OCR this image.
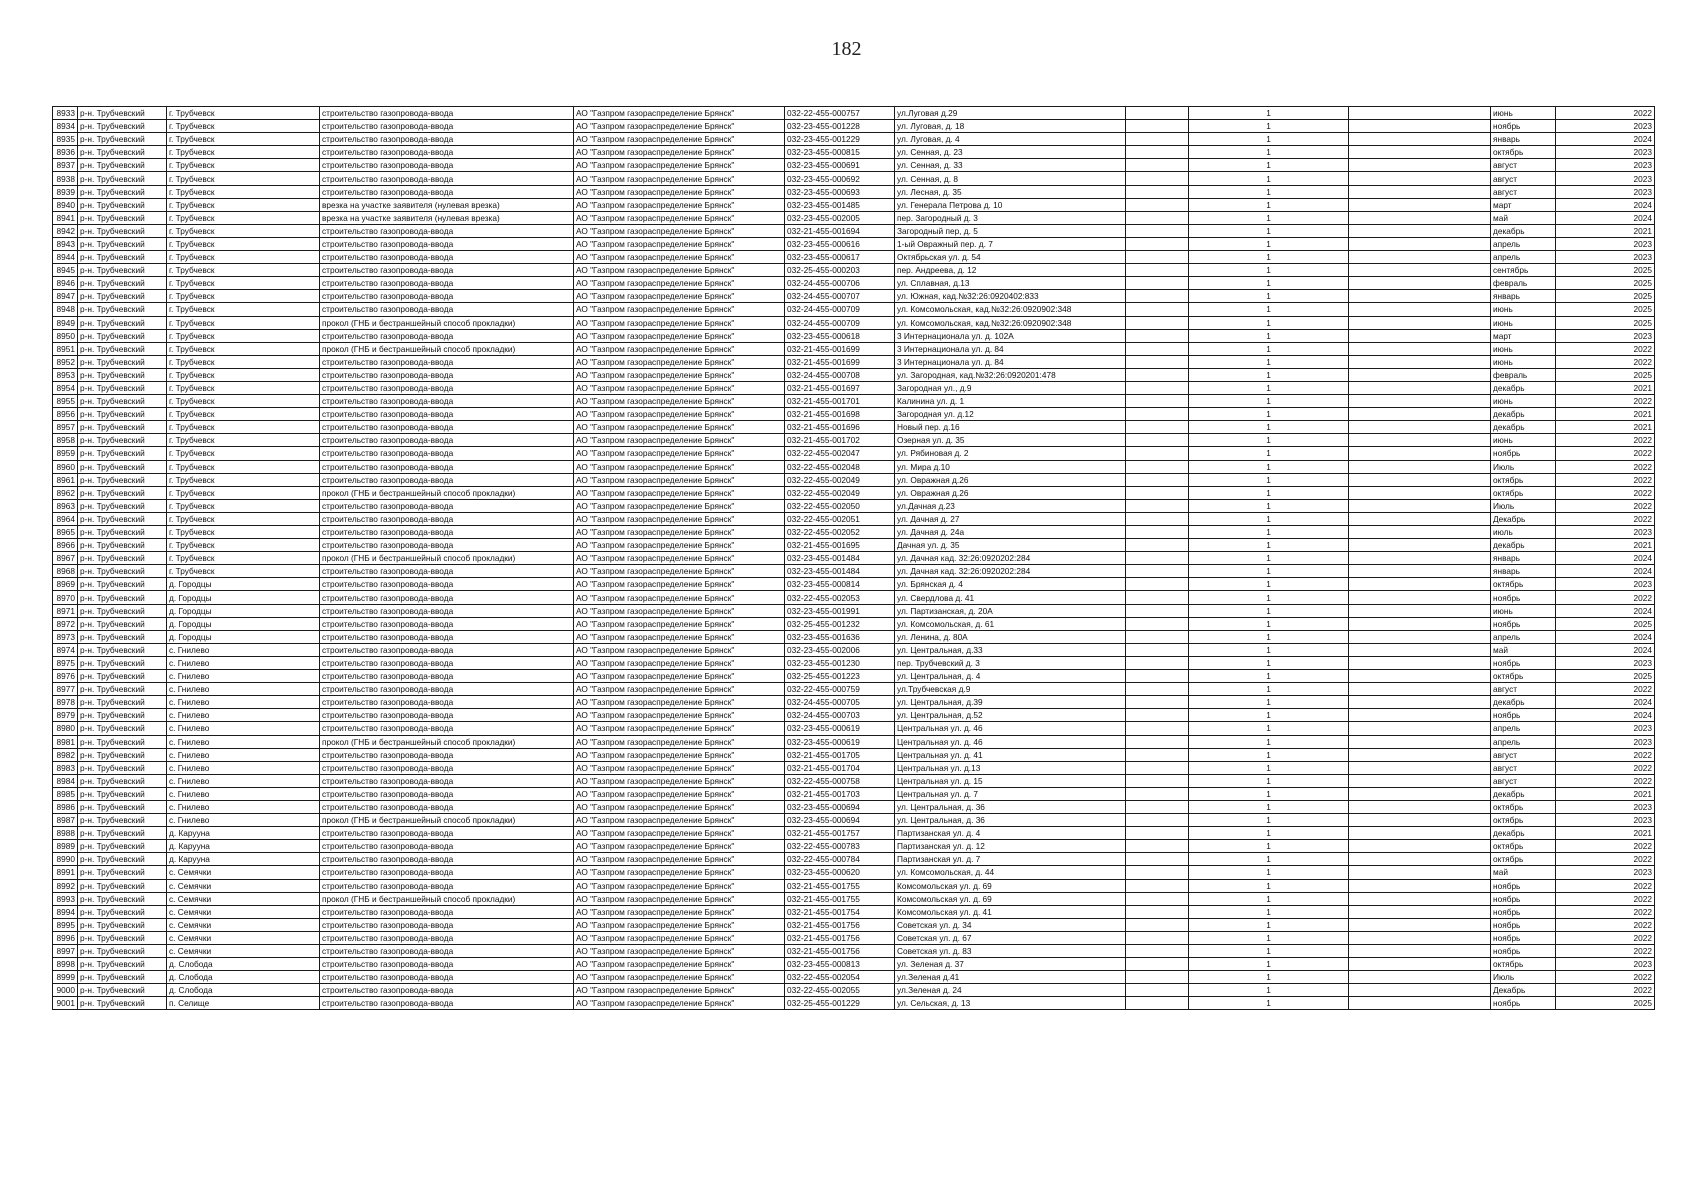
182
8933	р-н. Трубчевский	г. Трубчевск	строительство газопровода-ввода	АО "Газпром газораспределение Брянск"	032-22-455-000757	ул.Луговая д.29		1		июнь	2022
8934	р-н. Трубчевский	г. Трубчевск	строительство газопровода-ввода	АО "Газпром газораспределение Брянск"	032-23-455-001228	ул. Луговая, д. 18		1		ноябрь	2023
8935	р-н. Трубчевский	г. Трубчевск	строительство газопровода-ввода	АО "Газпром газораспределение Брянск"	032-23-455-001229	ул. Луговая, д. 4		1		январь	2024
8936	р-н. Трубчевский	г. Трубчевск	строительство газопровода-ввода	АО "Газпром газораспределение Брянск"	032-23-455-000815	ул. Сенная, д. 23		1		октябрь	2023
8937	р-н. Трубчевский	г. Трубчевск	строительство газопровода-ввода	АО "Газпром газораспределение Брянск"	032-23-455-000691	ул. Сенная, д. 33		1		август	2023
8938	р-н. Трубчевский	г. Трубчевск	строительство газопровода-ввода	АО "Газпром газораспределение Брянск"	032-23-455-000692	ул. Сенная, д. 8		1		август	2023
8939	р-н. Трубчевский	г. Трубчевск	строительство газопровода-ввода	АО "Газпром газораспределение Брянск"	032-23-455-000693	ул. Лесная, д. 35		1		август	2023
8940	р-н. Трубчевский	г. Трубчевск	врезка на участке заявителя (нулевая врезка)	АО "Газпром газораспределение Брянск"	032-23-455-001485	ул. Генерала Петрова д. 10		1		март	2024
8941	р-н. Трубчевский	г. Трубчевск	врезка на участке заявителя (нулевая врезка)	АО "Газпром газораспределение Брянск"	032-23-455-002005	пер. Загородный д. 3		1		май	2024
8942	р-н. Трубчевский	г. Трубчевск	строительство газопровода-ввода	АО "Газпром газораспределение Брянск"	032-21-455-001694	Загородный пер, д. 5		1		декабрь	2021
8943	р-н. Трубчевский	г. Трубчевск	строительство газопровода-ввода	АО "Газпром газораспределение Брянск"	032-23-455-000616	1-ый Овражный пер. д. 7		1		апрель	2023
8944	р-н. Трубчевский	г. Трубчевск	строительство газопровода-ввода	АО "Газпром газораспределение Брянск"	032-23-455-000617	Октябрьская ул. д. 54		1		апрель	2023
8945	р-н. Трубчевский	г. Трубчевск	строительство газопровода-ввода	АО "Газпром газораспределение Брянск"	032-25-455-000203	пер. Андреева, д. 12		1		сентябрь	2025
8946	р-н. Трубчевский	г. Трубчевск	строительство газопровода-ввода	АО "Газпром газораспределение Брянск"	032-24-455-000706	ул. Сплавная, д.13		1		февраль	2025
8947	р-н. Трубчевский	г. Трубчевск	строительство газопровода-ввода	АО "Газпром газораспределение Брянск"	032-24-455-000707	ул. Южная, кад.№32:26:0920402:833		1		январь	2025
8948	р-н. Трубчевский	г. Трубчевск	строительство газопровода-ввода	АО "Газпром газораспределение Брянск"	032-24-455-000709	ул. Комсомольская, кад.№32:26:0920902:348		1		июнь	2025
8949	р-н. Трубчевский	г. Трубчевск	прокол (ГНБ и бестраншейный способ прокладки)	АО "Газпром газораспределение Брянск"	032-24-455-000709	ул. Комсомольская, кад.№32:26:0920902:348		1		июнь	2025
8950	р-н. Трубчевский	г. Трубчевск	строительство газопровода-ввода	АО "Газпром газораспределение Брянск"	032-23-455-000618	3 Интернационала ул. д. 102А		1		март	2023
8951	р-н. Трубчевский	г. Трубчевск	прокол (ГНБ и бестраншейный способ прокладки)	АО "Газпром газораспределение Брянск"	032-21-455-001699	3 Интернационала ул. д. 84		1		июнь	2022
8952	р-н. Трубчевский	г. Трубчевск	строительство газопровода-ввода	АО "Газпром газораспределение Брянск"	032-21-455-001699	3 Интернационала ул. д. 84		1		июнь	2022
8953	р-н. Трубчевский	г. Трубчевск	строительство газопровода-ввода	АО "Газпром газораспределение Брянск"	032-24-455-000708	ул. Загородная, кад.№32:26:0920201:478		1		февраль	2025
8954	р-н. Трубчевский	г. Трубчевск	строительство газопровода-ввода	АО "Газпром газораспределение Брянск"	032-21-455-001697	Загородная ул., д.9		1		декабрь	2021
8955	р-н. Трубчевский	г. Трубчевск	строительство газопровода-ввода	АО "Газпром газораспределение Брянск"	032-21-455-001701	Калинина ул. д. 1		1		июнь	2022
8956	р-н. Трубчевский	г. Трубчевск	строительство газопровода-ввода	АО "Газпром газораспределение Брянск"	032-21-455-001698	Загородная ул. д.12		1		декабрь	2021
8957	р-н. Трубчевский	г. Трубчевск	строительство газопровода-ввода	АО "Газпром газораспределение Брянск"	032-21-455-001696	Новый пер. д.16		1		декабрь	2021
8958	р-н. Трубчевский	г. Трубчевск	строительство газопровода-ввода	АО "Газпром газораспределение Брянск"	032-21-455-001702	Озерная ул. д. 35		1		июнь	2022
8959	р-н. Трубчевский	г. Трубчевск	строительство газопровода-ввода	АО "Газпром газораспределение Брянск"	032-22-455-002047	ул. Рябиновая д. 2		1		ноябрь	2022
8960	р-н. Трубчевский	г. Трубчевск	строительство газопровода-ввода	АО "Газпром газораспределение Брянск"	032-22-455-002048	ул. Мира д.10		1		Июль	2022
8961	р-н. Трубчевский	г. Трубчевск	строительство газопровода-ввода	АО "Газпром газораспределение Брянск"	032-22-455-002049	ул. Овражная д.26		1		октябрь	2022
8962	р-н. Трубчевский	г. Трубчевск	прокол (ГНБ и бестраншейный способ прокладки)	АО "Газпром газораспределение Брянск"	032-22-455-002049	ул. Овражная д.26		1		октябрь	2022
8963	р-н. Трубчевский	г. Трубчевск	строительство газопровода-ввода	АО "Газпром газораспределение Брянск"	032-22-455-002050	ул.Дачная д.23		1		Июль	2022
8964	р-н. Трубчевский	г. Трубчевск	строительство газопровода-ввода	АО "Газпром газораспределение Брянск"	032-22-455-002051	ул. Дачная д. 27		1		Декабрь	2022
8965	р-н. Трубчевский	г. Трубчевск	строительство газопровода-ввода	АО "Газпром газораспределение Брянск"	032-22-455-002052	ул. Дачная д. 24а		1		июль	2023
8966	р-н. Трубчевский	г. Трубчевск	строительство газопровода-ввода	АО "Газпром газораспределение Брянск"	032-21-455-001695	Дачная ул. д. 35		1		декабрь	2021
8967	р-н. Трубчевский	г. Трубчевск	прокол (ГНБ и бестраншейный способ прокладки)	АО "Газпром газораспределение Брянск"	032-23-455-001484	ул. Дачная кад. 32:26:0920202:284		1		январь	2024
8968	р-н. Трубчевский	г. Трубчевск	строительство газопровода-ввода	АО "Газпром газораспределение Брянск"	032-23-455-001484	ул. Дачная кад. 32:26:0920202:284		1		январь	2024
8969	р-н. Трубчевский	д. Городцы	строительство газопровода-ввода	АО "Газпром газораспределение Брянск"	032-23-455-000814	ул. Брянская д. 4		1		октябрь	2023
8970	р-н. Трубчевский	д. Городцы	строительство газопровода-ввода	АО "Газпром газораспределение Брянск"	032-22-455-002053	ул. Свердлова д. 41		1		ноябрь	2022
8971	р-н. Трубчевский	д. Городцы	строительство газопровода-ввода	АО "Газпром газораспределение Брянск"	032-23-455-001991	ул. Партизанская, д. 20А		1		июнь	2024
8972	р-н. Трубчевский	д. Городцы	строительство газопровода-ввода	АО "Газпром газораспределение Брянск"	032-25-455-001232	ул. Комсомольская, д. 61		1		ноябрь	2025
8973	р-н. Трубчевский	д. Городцы	строительство газопровода-ввода	АО "Газпром газораспределение Брянск"	032-23-455-001636	ул. Ленина, д. 80А		1		апрель	2024
8974	р-н. Трубчевский	с. Гнилево	строительство газопровода-ввода	АО "Газпром газораспределение Брянск"	032-23-455-002006	ул. Центральная, д.33		1		май	2024
8975	р-н. Трубчевский	с. Гнилево	строительство газопровода-ввода	АО "Газпром газораспределение Брянск"	032-23-455-001230	пер. Трубчевский д. 3		1		ноябрь	2023
8976	р-н. Трубчевский	с. Гнилево	строительство газопровода-ввода	АО "Газпром газораспределение Брянск"	032-25-455-001223	ул. Центральная, д. 4		1		октябрь	2025
8977	р-н. Трубчевский	с. Гнилево	строительство газопровода-ввода	АО "Газпром газораспределение Брянск"	032-22-455-000759	ул.Трубчевская д.9		1		август	2022
8978	р-н. Трубчевский	с. Гнилево	строительство газопровода-ввода	АО "Газпром газораспределение Брянск"	032-24-455-000705	ул. Центральная, д.39		1		декабрь	2024
8979	р-н. Трубчевский	с. Гнилево	строительство газопровода-ввода	АО "Газпром газораспределение Брянск"	032-24-455-000703	ул. Центральная, д.52		1		ноябрь	2024
8980	р-н. Трубчевский	с. Гнилево	строительство газопровода-ввода	АО "Газпром газораспределение Брянск"	032-23-455-000619	Центральная ул. д. 46		1		апрель	2023
8981	р-н. Трубчевский	с. Гнилево	прокол (ГНБ и бестраншейный способ прокладки)	АО "Газпром газораспределение Брянск"	032-23-455-000619	Центральная ул. д. 46		1		апрель	2023
8982	р-н. Трубчевский	с. Гнилево	строительство газопровода-ввода	АО "Газпром газораспределение Брянск"	032-21-455-001705	Центральная ул. д. 41		1		август	2022
8983	р-н. Трубчевский	с. Гнилево	строительство газопровода-ввода	АО "Газпром газораспределение Брянск"	032-21-455-001704	Центральная ул. д.13		1		август	2022
8984	р-н. Трубчевский	с. Гнилево	строительство газопровода-ввода	АО "Газпром газораспределение Брянск"	032-22-455-000758	Центральная ул. д. 15		1		август	2022
8985	р-н. Трубчевский	с. Гнилево	строительство газопровода-ввода	АО "Газпром газораспределение Брянск"	032-21-455-001703	Центральная ул. д. 7		1		декабрь	2021
8986	р-н. Трубчевский	с. Гнилево	строительство газопровода-ввода	АО "Газпром газораспределение Брянск"	032-23-455-000694	ул. Центральная, д. 36		1		октябрь	2023
8987	р-н. Трубчевский	с. Гнилево	прокол (ГНБ и бестраншейный способ прокладки)	АО "Газпром газораспределение Брянск"	032-23-455-000694	ул. Центральная, д. 36		1		октябрь	2023
8988	р-н. Трубчевский	д. Карууна	строительство газопровода-ввода	АО "Газпром газораспределение Брянск"	032-21-455-001757	Партизанская ул. д. 4		1		декабрь	2021
8989	р-н. Трубчевский	д. Карууна	строительство газопровода-ввода	АО "Газпром газораспределение Брянск"	032-22-455-000783	Партизанская ул. д. 12		1		октябрь	2022
8990	р-н. Трубчевский	д. Карууна	строительство газопровода-ввода	АО "Газпром газораспределение Брянск"	032-22-455-000784	Партизанская ул. д. 7		1		октябрь	2022
8991	р-н. Трубчевский	с. Семячки	строительство газопровода-ввода	АО "Газпром газораспределение Брянск"	032-23-455-000620	ул. Комсомольская, д. 44		1		май	2023
8992	р-н. Трубчевский	с. Семячки	строительство газопровода-ввода	АО "Газпром газораспределение Брянск"	032-21-455-001755	Комсомольская ул. д. 69		1		ноябрь	2022
8993	р-н. Трубчевский	с. Семячки	прокол (ГНБ и бестраншейный способ прокладки)	АО "Газпром газораспределение Брянск"	032-21-455-001755	Комсомольская ул. д. 69		1		ноябрь	2022
8994	р-н. Трубчевский	с. Семячки	строительство газопровода-ввода	АО "Газпром газораспределение Брянск"	032-21-455-001754	Комсомольская ул. д. 41		1		ноябрь	2022
8995	р-н. Трубчевский	с. Семячки	строительство газопровода-ввода	АО "Газпром газораспределение Брянск"	032-21-455-001756	Советская ул. д. 34		1		ноябрь	2022
8996	р-н. Трубчевский	с. Семячки	строительство газопровода-ввода	АО "Газпром газораспределение Брянск"	032-21-455-001756	Советская ул. д. 67		1		ноябрь	2022
8997	р-н. Трубчевский	с. Семячки	строительство газопровода-ввода	АО "Газпром газораспределение Брянск"	032-21-455-001756	Советская ул. д. 83		1		ноябрь	2022
8998	р-н. Трубчевский	д. Слобода	строительство газопровода-ввода	АО "Газпром газораспределение Брянск"	032-23-455-000813	ул. Зеленая д. 37		1		октябрь	2023
8999	р-н. Трубчевский	д. Слобода	строительство газопровода-ввода	АО "Газпром газораспределение Брянск"	032-22-455-002054	ул.Зеленая д.41		1		Июль	2022
9000	р-н. Трубчевский	д. Слобода	строительство газопровода-ввода	АО "Газпром газораспределение Брянск"	032-22-455-002055	ул.Зеленая д. 24		1		Декабрь	2022
9001	р-н. Трубчевский	п. Селище	строительство газопровода-ввода	АО "Газпром газораспределение Брянск"	032-25-455-001229	ул. Сельская, д. 13		1		ноябрь	2025
